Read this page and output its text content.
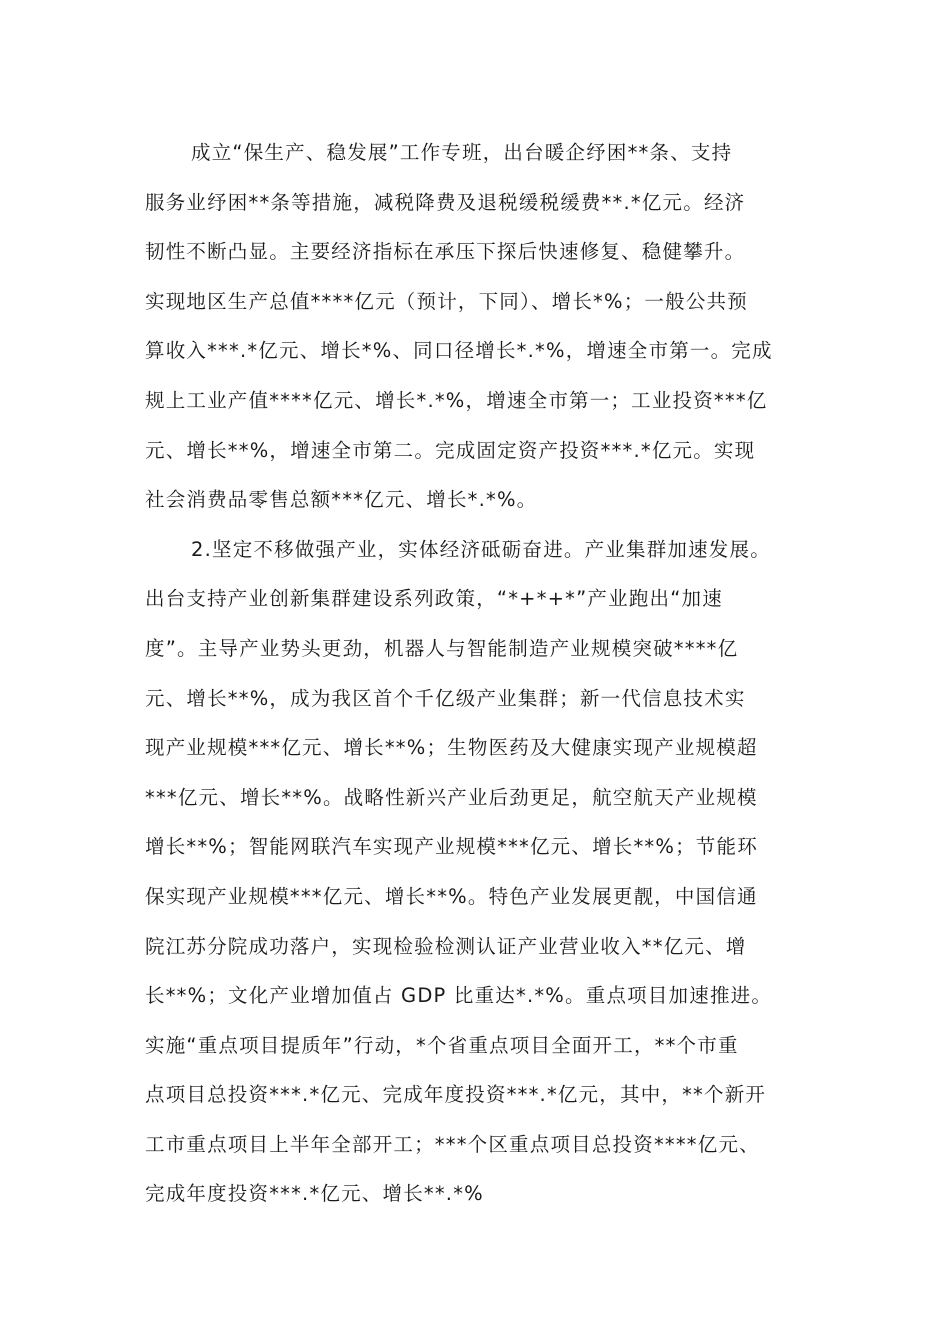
成立“保生产、稳发展”工作专班，出台暖企纾困**条、支持
服务业纾困**条等措施，减税降费及退税缓税缓费**.*亿元。经济
韧性不断凸显。主要经济指标在承压下探后快速修复、稳健攀升。
实现地区生产总值****亿元（预计，下同）、增长*%；一般公共预
算收入***.*亿元、增长*%、同口径增长*.*%，增速全市第一。完成
规上工业产值****亿元、增长*.*%，增速全市第一；工业投资***亿
元、增长**%，增速全市第二。完成固定资产投资***.*亿元。实现
社会消费品零售总额***亿元、增长*.*%。
2.坚定不移做强产业，实体经济砥砺奋进。产业集群加速发展。
出台支持产业创新集群建设系列政策，“*+*+*”产业跑出“加速
度”。主导产业势头更劲，机器人与智能制造产业规模突破****亿
元、增长**%，成为我区首个千亿级产业集群；新一代信息技术实
现产业规模***亿元、增长**%；生物医药及大健康实现产业规模超
***亿元、增长**%。战略性新兴产业后劲更足，航空航天产业规模
增长**%；智能网联汽车实现产业规模***亿元、增长**%；节能环
保实现产业规模***亿元、增长**%。特色产业发展更靓，中国信通
院江苏分院成功落户，实现检验检测认证产业营业收入**亿元、增
长**%；文化产业增加值占 GDP 比重达*.*%。重点项目加速推进。
实施“重点项目提质年”行动，*个省重点项目全面开工，**个市重
点项目总投资***.*亿元、完成年度投资***.*亿元，其中，**个新开
工市重点项目上半年全部开工；***个区重点项目总投资****亿元、
完成年度投资***.*亿元、增长**.*%
